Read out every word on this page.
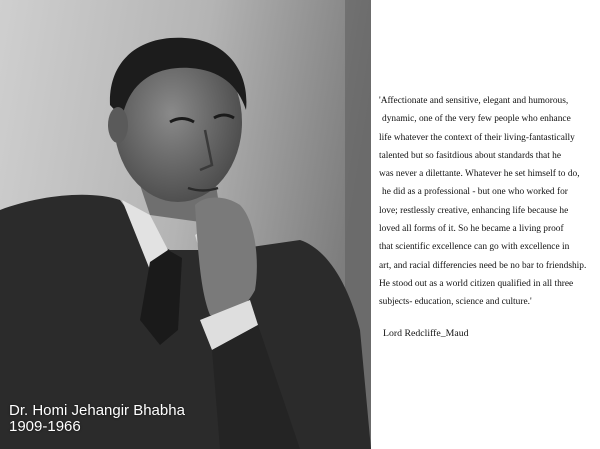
Dr. Homi Jehangir Bhabha
1909-1966
'Affectionate and sensitive, elegant and humorous,
dynamic, one of the very few people who enhance
life whatever the context of their living-fantastically
talented but so fasitdious about standards that he
was never a dilettante. Whatever he set himself to do,
he did as a professional - but one who worked for
love; restlessly creative, enhancing life because he
loved all forms of it. So he became a living proof
that scientific excellence can go with excellence in
art, and racial differencies need be no bar to friendship.
He stood out as a world citizen qualified in all three
subjects- education, science and culture.'
Lord Redcliffe_Maud
